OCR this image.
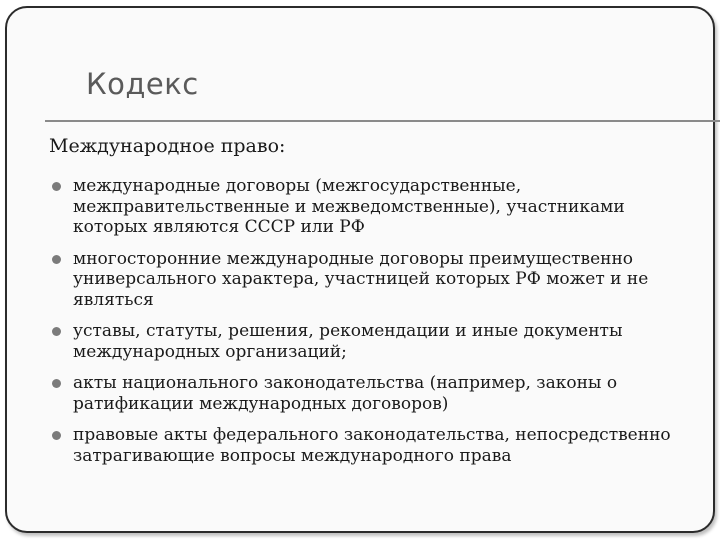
Кодекс
Международное право:
международные договоры (межгосударственные, межправительственные и межведомственные), участниками которых являются СССР или РФ
многосторонние международные договоры преимущественно универсального характера, участницей которых РФ может и не являться
уставы, статуты, решения, рекомендации и иные документы международных организаций;
акты национального законодательства (например, законы о ратификации международных договоров)
правовые акты федерального законодательства, непосредственно затрагивающие вопросы международного права
